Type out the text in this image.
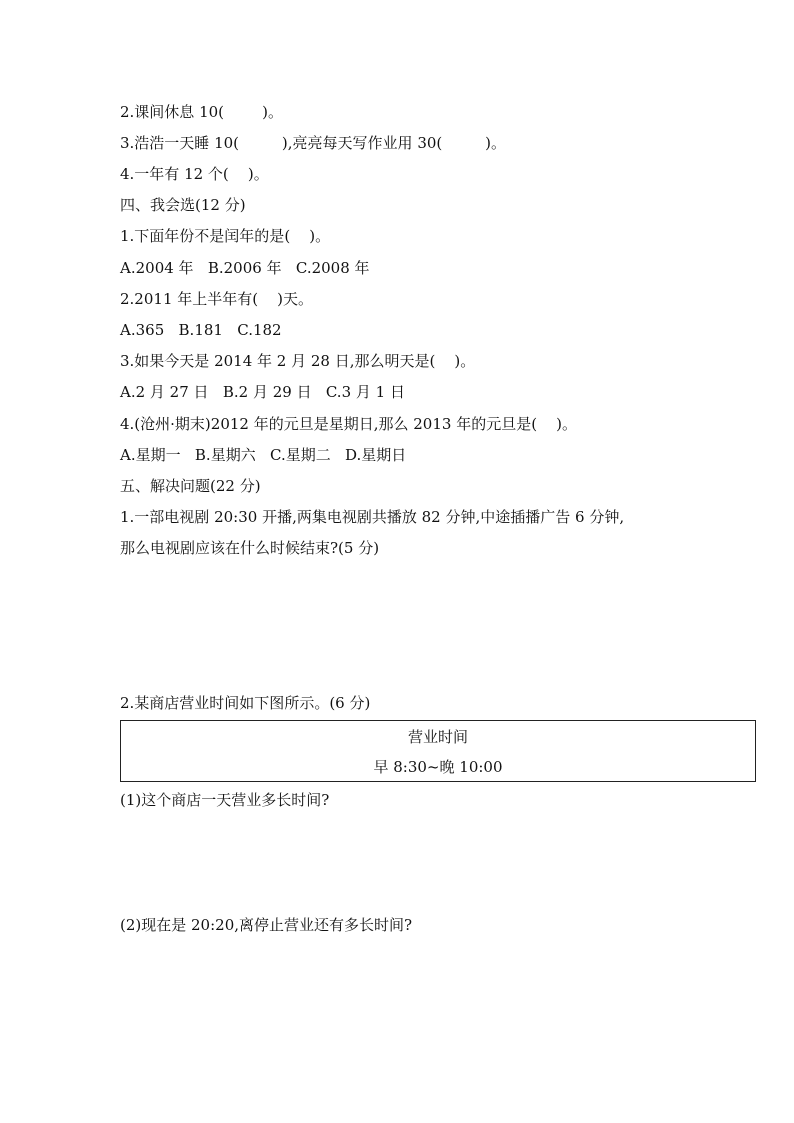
2.课间休息 10(        )。
3.浩浩一天睡 10(         ),亮亮每天写作业用 30(         )。
4.一年有 12 个(    )。
四、我会选(12 分)
1.下面年份不是闰年的是(    )。
A.2004 年   B.2006 年   C.2008 年
2.2011 年上半年有(    )天。
A.365   B.181   C.182
3.如果今天是 2014 年 2 月 28 日,那么明天是(    )。
A.2 月 27 日   B.2 月 29 日   C.3 月 1 日
4.(沧州·期末)2012 年的元旦是星期日,那么 2013 年的元旦是(    )。
A.星期一   B.星期六   C.星期二   D.星期日
五、解决问题(22 分)
1.一部电视剧 20:30 开播,两集电视剧共播放 82 分钟,中途插播广告 6 分钟,
那么电视剧应该在什么时候结束?(5 分)
2.某商店营业时间如下图所示。(6 分)
营业时间
早 8:30~晚 10:00
(1)这个商店一天营业多长时间?
(2)现在是 20:20,离停止营业还有多长时间?
